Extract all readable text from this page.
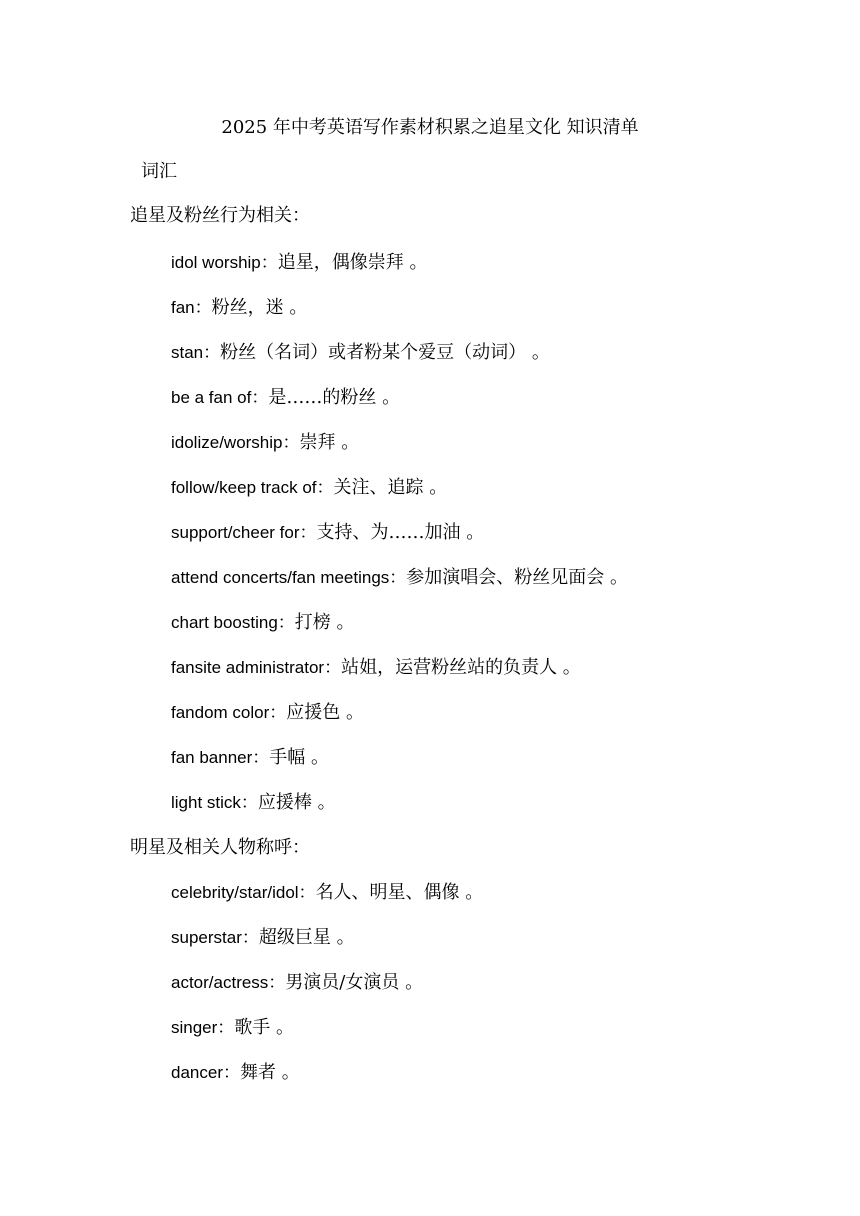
2025 年中考英语写作素材积累之追星文化 知识清单
词汇
追星及粉丝行为相关：
idol worship：追星，偶像崇拜 。
fan：粉丝，迷 。
stan：粉丝（名词）或者粉某个爱豆（动词） 。
be a fan of：是……的粉丝 。
idolize/worship：崇拜 。
follow/keep track of：关注、追踪 。
support/cheer for：支持、为……加油 。
attend concerts/fan meetings：参加演唱会、粉丝见面会 。
chart boosting：打榜 。
fansite administrator：站姐，运营粉丝站的负责人 。
fandom color：应援色 。
fan banner：手幅 。
light stick：应援棒 。
明星及相关人物称呼：
celebrity/star/idol：名人、明星、偶像 。
superstar：超级巨星 。
actor/actress：男演员/女演员 。
singer：歌手 。
dancer：舞者 。
